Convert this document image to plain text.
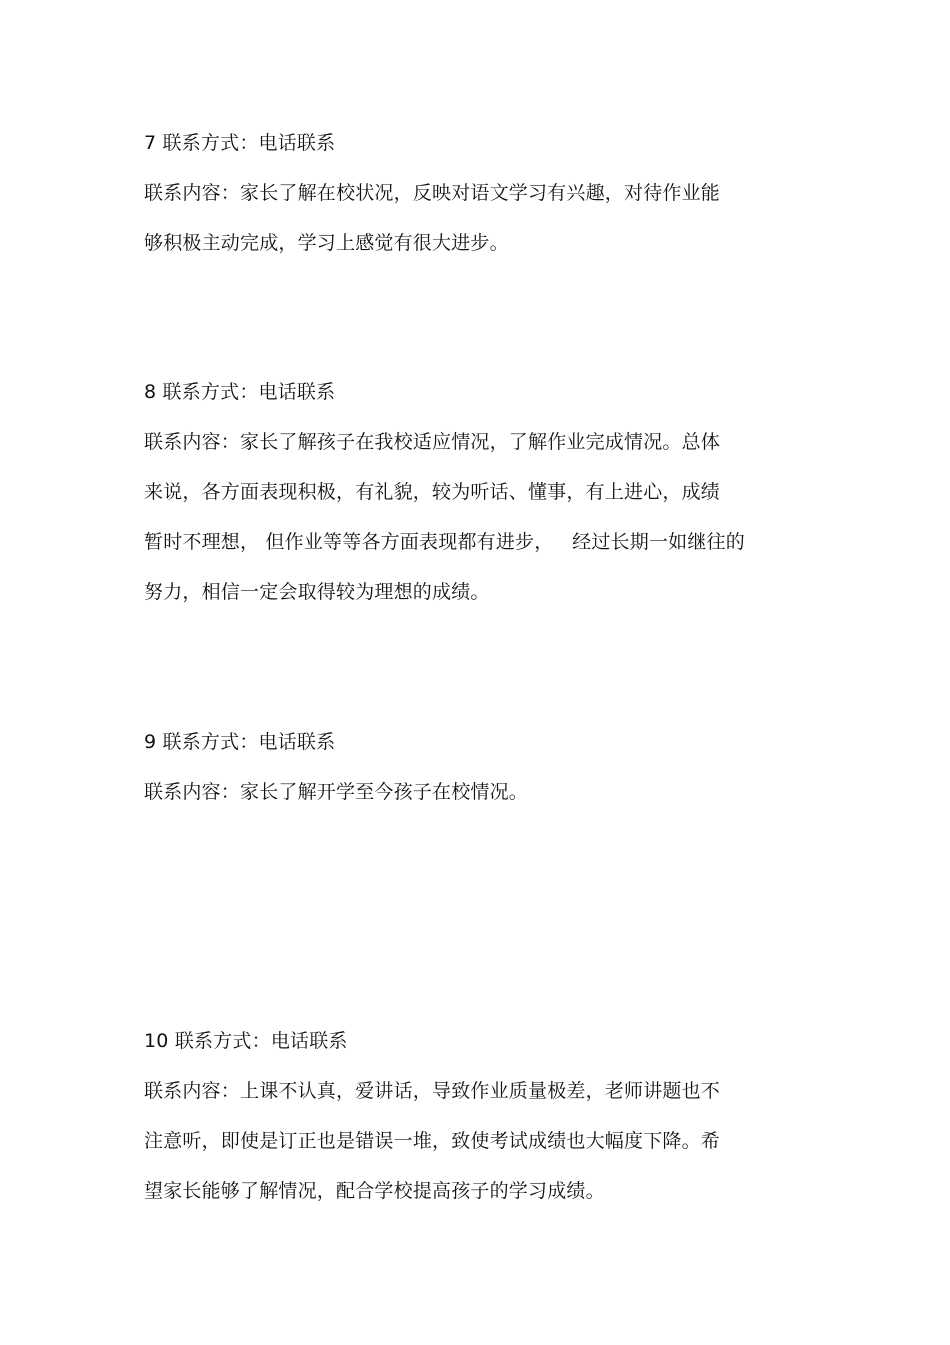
7 联系方式：电话联系
联系内容：家长了解在校状况，反映对语文学习有兴趣，对待作业能
够积极主动完成，学习上感觉有很大进步。
8 联系方式：电话联系
联系内容：家长了解孩子在我校适应情况，了解作业完成情况。总体
来说，各方面表现积极，有礼貌，较为听话、懂事，有上进心，成绩
暂时不理想， 但作业等等各方面表现都有进步，   经过长期一如继往的
努力，相信一定会取得较为理想的成绩。
9 联系方式：电话联系
联系内容：家长了解开学至今孩子在校情况。
10 联系方式：电话联系
联系内容：上课不认真，爱讲话，导致作业质量极差，老师讲题也不
注意听，即使是订正也是错误一堆，致使考试成绩也大幅度下降。希
望家长能够了解情况，配合学校提高孩子的学习成绩。
